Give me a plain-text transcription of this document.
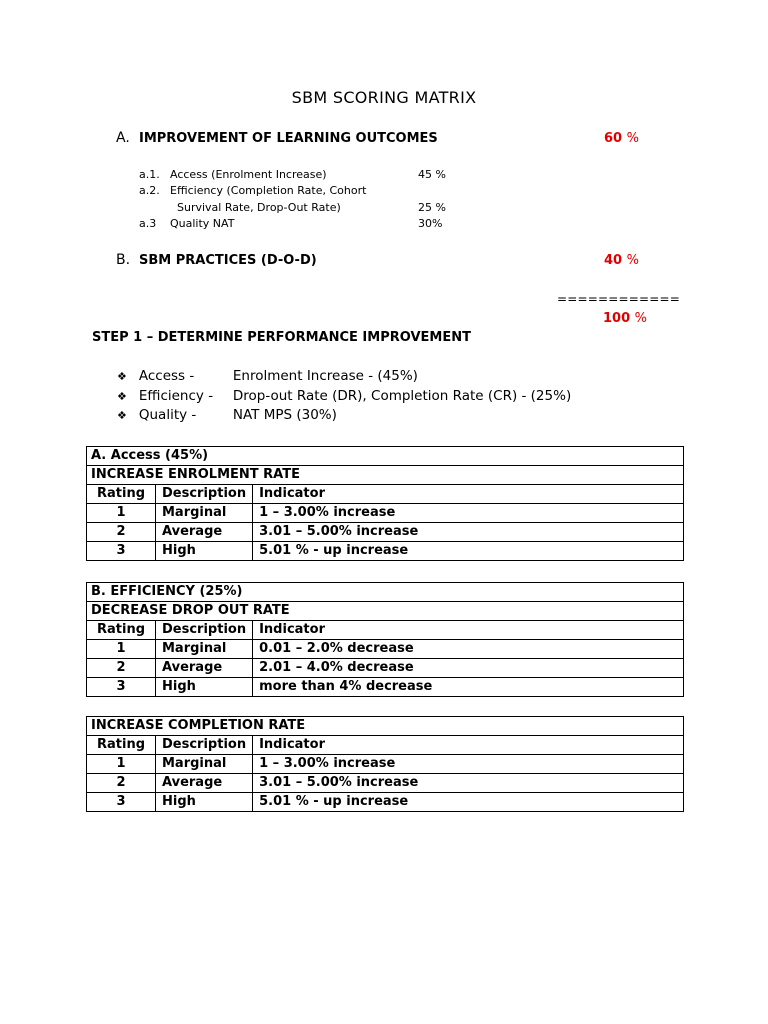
SBM SCORING MATRIX
A. IMPROVEMENT OF LEARNING OUTCOMES	60 %
a.1. Access (Enrolment Increase)	45 %
a.2. Efficiency (Completion Rate, Cohort
Survival Rate, Drop-Out Rate)	25 %
a.3 Quality NAT	30%
B. SBM PRACTICES (D-O-D)	40 %
============
100 %
STEP 1 – DETERMINE PERFORMANCE IMPROVEMENT
❖ Access -	Enrolment Increase - (45%)
❖ Efficiency - Drop-out Rate (DR), Completion Rate (CR) - (25%)
❖ Quality -	NAT MPS (30%)
A. Access (45%)		
INCREASE ENROLMENT RATE		
Rating	Description	Indicator
1	Marginal	1 – 3.00% increase
2	Average	3.01 – 5.00% increase
3	High	5.01 % - up increase
B. EFFICIENCY (25%)		
DECREASE DROP OUT RATE		
Rating	Description	Indicator
1	Marginal	0.01 – 2.0% decrease
2	Average	2.01 – 4.0% decrease
3	High	more than 4% decrease
INCREASE COMPLETION RATE		
Rating	Description	Indicator
1	Marginal	1 – 3.00% increase
2	Average	3.01 – 5.00% increase
3	High	5.01 % - up increase
